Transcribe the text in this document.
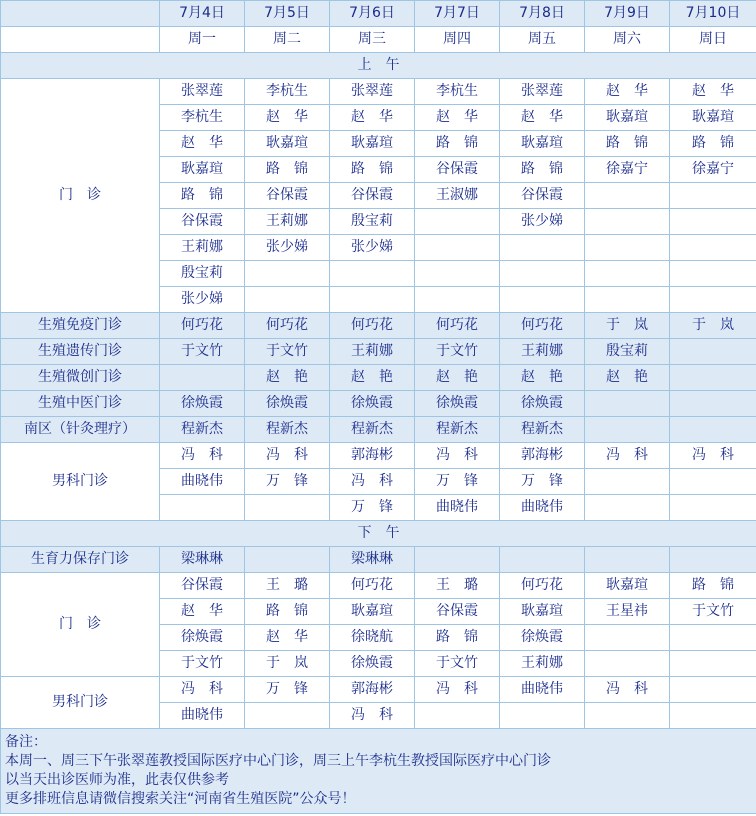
	7月4日	7月5日	7月6日	7月7日	7月8日	7月9日	7月10日
	周一	周二	周三	周四	周五	周六	周日
上　午							
门　诊	张翠莲	李杭生	张翠莲	李杭生	张翠莲	赵　华	赵　华
	李杭生	赵　华	赵　华	赵　华	赵　华	耿嘉瑄	耿嘉瑄
	赵　华	耿嘉瑄	耿嘉瑄	路　锦	耿嘉瑄	路　锦	路　锦
	耿嘉瑄	路　锦	路　锦	谷保霞	路　锦	徐嘉宁	徐嘉宁
	路　锦	谷保霞	谷保霞	王淑娜	谷保霞		
	谷保霞	王莉娜	殷宝莉		张少娣		
	王莉娜	张少娣	张少娣				
	殷宝莉						
	张少娣						
生殖免疫门诊	何巧花	何巧花	何巧花	何巧花	何巧花	于　岚	于　岚
生殖遗传门诊	于文竹	于文竹	王莉娜	于文竹	王莉娜	殷宝莉	
生殖微创门诊		赵　艳	赵　艳	赵　艳	赵　艳	赵　艳	
生殖中医门诊	徐焕霞	徐焕霞	徐焕霞	徐焕霞	徐焕霞		
南区（针灸理疗）	程新杰	程新杰	程新杰	程新杰	程新杰		
男科门诊	冯　科	冯　科	郭海彬	冯　科	郭海彬	冯　科	冯　科
	曲晓伟	万　锋	冯　科	万　锋	万　锋		
			万　锋	曲晓伟	曲晓伟		
下　午							
生育力保存门诊	梁琳琳		梁琳琳				
门　诊	谷保霞	王　璐	何巧花	王　璐	何巧花	耿嘉瑄	路　锦
	赵　华	路　锦	耿嘉瑄	谷保霞	耿嘉瑄	王星祎	于文竹
	徐焕霞	赵　华	徐晓航	路　锦	徐焕霞		
	于文竹	于　岚	徐焕霞	于文竹	王莉娜		
男科门诊	冯　科	万　锋	郭海彬	冯　科	曲晓伟	冯　科	
	曲晓伟		冯　科				

备注：
本周一、周三下午张翠莲教授国际医疗中心门诊，周三上午李杭生教授国际医疗中心门诊
以当天出诊医师为准，此表仅供参考
更多排班信息请微信搜索关注“河南省生殖医院”公众号！							
